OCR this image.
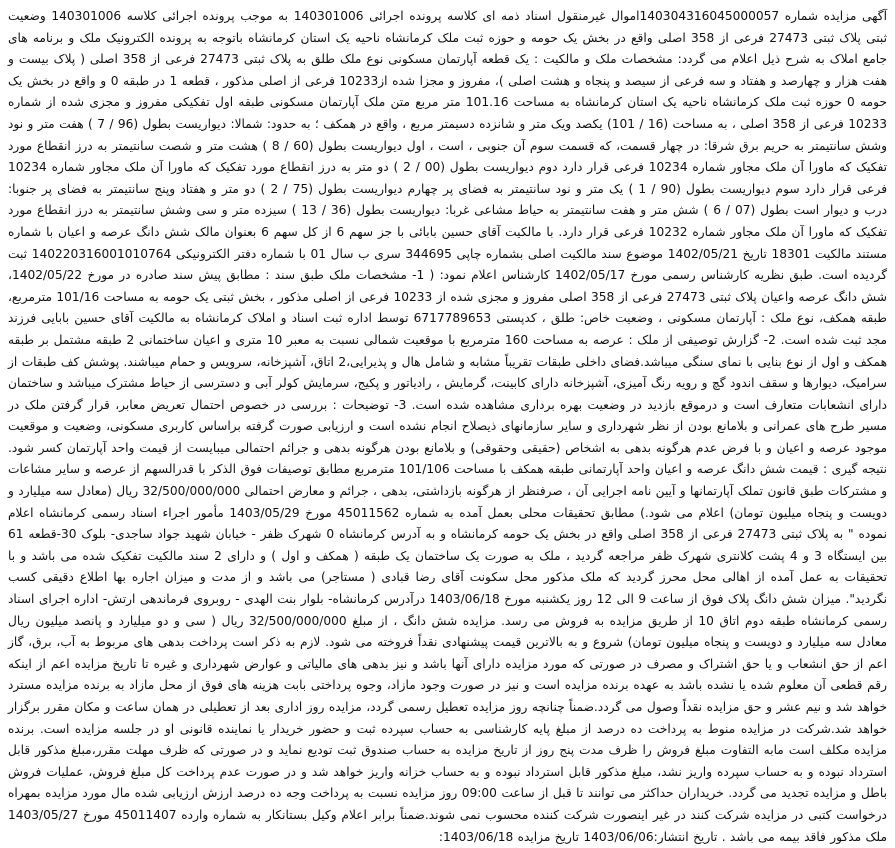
آگهی مزایده شماره 140304316045000057اموال غیرمنقول اسناد ذمه ای کلاسه پرونده اجرائی 140301006 به موجب پرونده اجرائی کلاسه 140301006 وضعیت ثبتی پلاک ثبتی 27473 فرعی از 358 اصلی واقع در بخش یک حومه و حوزه ثبت ملک کرمانشاه ناحیه یک استان کرمانشاه باتوجه به پرونده الکترونیک ملک و برنامه های جامع املاک به شرح ذیل اعلام می گردد: مشخصات ملک و مالکیت : یک قطعه آپارتمان مسکونی نوع ملک طلق به پلاک ثبتی 27473 فرعی از 358 اصلی ( پلاک بیست و هفت هزار و چهارصد و هفتاد و سه فرعی از سیصد و پنجاه و هشت اصلی )، مفروز و مجزا شده از10233 فرعی از اصلی مذکور ، قطعه 1 در طبقه 0 و واقع در بخش یک حومه 0 حوزه ثبت ملک کرمانشاه ناحیه یک استان کرمانشاه به مساحت 101.16 متر مربع متن ملک آپارتمان مسکونی طبقه اول تفکیکی مفروز و مجزی شده از شماره 10233 فرعی از 358 اصلی ، به مساحت (16 / 101) یکصد ویک متر و شانزده دسیمتر مربع ، واقع در همکف ؛ به حدود: شمالا: دیواریست بطول (96 / 7 ) هفت متر و نود وشش سانتیمتر به حریم برق شرقا: در چهار قسمت، که قسمت سوم آن جنوبی ، است ، اول دیواریست بطول (60 / 8 ) هشت متر و شصت سانتیمتر به درز انقطاع مورد تفکیک که ماورا آن ملک مجاور شماره 10234 فرعی قرار دارد دوم دیواریست بطول (00 / 2 ) دو متر به درز انقطاع مورد تفکیک که ماورا آن ملک مجاور شماره 10234 فرعی قرار دارد سوم دیواریست بطول (90 / 1 ) یک متر و نود سانتیمتر به فضای پر چهارم دیواریست بطول (75 / 2 ) دو متر و هفتاد وپنج سانتیمتر به فضای پر جنوبا: درب و دیوار است بطول (07 / 6 ) شش متر و هفت سانتیمتر به حیاط مشاعی غربا: دیواریست بطول (36 / 13 ) سیزده متر و سی وشش سانتیمتر به درز انقطاع مورد تفکیک که ماورا آن ملک مجاور شماره 10232 فرعی قرار دارد. با مالکیت آقای حسین بابائی با جز سهم 6 از کل سهم 6 بعنوان مالک شش دانگ عرصه و اعیان با شماره مستند مالکیت 18301 تاریخ 1402/05/21 موضوع سند مالکیت اصلی بشماره چاپی 344695 سری ب سال 01 با شماره دفتر الکترونیکی 140220316001010764 ثبت گردیده است. طبق نظریه کارشناس رسمی مورخ 1402/05/17 کارشناس اعلام نمود: ( 1- مشخصات ملک طبق سند : مطابق پیش سند صادره در مورخ 1402/05/22، شش دانگ عرصه واعیان پلاک ثبتی 27473 فرعی از 358 اصلی مفروز و مجزی شده از 10233 فرعی از اصلی مذکور ، بخش ثبتی یک حومه به مساحت 101/16 مترمربع، طبقه همکف، نوع ملک : آپارتمان مسکونی ، وضعیت خاص: طلق ، کدپستی 6717789653 توسط اداره ثبت اسناد و املاک کرمانشاه به مالکیت آقای حسین بابایی فرزند مجد ثبت شده است. 2- گزارش توصیفی از ملک : عرصه به مساحت 160 مترمربع با موقعیت شمالی نسبت به معبر 10 متری و اعیان ساختمانی 2 طبقه مشتمل بر طبقه همکف و اول از نوع بنایی با نمای سنگی میباشد.فضای داخلی طبقات تقریباً مشابه و شامل هال و پذیرایی،2 اتاق، آشپزخانه، سرویس و حمام میباشند. پوشش کف طبقات از سرامیک، دیوارها و سقف اندود گچ و رویه رنگ آمیزی، آشپزخانه دارای کابینت، گرمایش ، رادیاتور و پکیج، سرمایش کولر آبی و دسترسی از حیاط مشترک میباشد و ساختمان دارای انشعابات متعارف است و درموقع بازدید در وضعیت بهره برداری مشاهده شده است. 3- توضیحات : بررسی در خصوص احتمال تعریض معابر، قرار گرفتن ملک در مسیر طرح های عمرانی و بلامانع بودن از نظر شهرداری و سایر سازمانهای ذیصلاح انجام نشده است و ارزیابی صورت گرفته براساس کاربری مسکونی، وضعیت و موقعیت موجود عرصه و اعیان و با فرض عدم هرگونه بدهی به اشخاص (حقیقی وحقوقی) و بلامانع بودن هرگونه بدهی و جرائم احتمالی میبایست از قیمت واحد آپارتمان کسر شود. نتیجه گیری : قیمت شش دانگ عرصه و اعیان واحد آپارتمانی طبقه همکف با مساحت 101/106 مترمربع مطابق توصیفات فوق الذکر با قدرالسهم از عرصه و سایر مشاعات و مشترکات طبق قانون تملک آپارتمانها و آیین نامه اجرایی آن ، صرفنظر از هرگونه بازداشتی، بدهی ، جرائم و معارض احتمالی 32/500/000/000 ریال (معادل سه میلیارد و دویست و پنجاه میلیون تومان) اعلام می شود.) مطابق تحقیقات محلی بعمل آمده به شماره 45011562 مورخ 1403/05/29 مأمور اجراء اسناد رسمی کرمانشاه اعلام نموده " به پلاک ثبتی 27473 فرعی از 358 اصلی واقع در بخش یک حومه کرمانشاه و به آدرس کرمانشاه 0 شهرک ظفر - خیابان شهید جواد ساجدی- بلوک 30-قطعه 61 بین ایستگاه 3 و 4 پشت کلانتری شهرک ظفر مراجعه گردید ، ملک به صورت یک ساختمان یک طبقه ( همکف و اول ) و دارای 2 سند مالکیت تفکیک شده می باشد و با تحقیقات به عمل آمده از اهالی محل محرز گردید که ملک مذکور محل سکونت آقای رضا قبادی ( مستاجر) می باشد و از مدت و میزان اجاره بها اطلاع دقیقی کسب نگردید". میزان شش دانگ پلاک فوق از ساعت 9 الی 12 روز یکشنبه مورخ 1403/06/18 درآدرس کرمانشاه- بلوار بنت الهدی - روبروی فرماندهی ارتش- اداره اجرای اسناد رسمی کرمانشاه طبقه دوم اتاق 10 از طریق مزایده به فروش می رسد. مزایده شش دانگ ، از مبلغ 32/500/000/000 ریال ( سی و دو میلیارد و پانصد میلیون ریال معادل سه میلیارد و دویست و پنجاه میلیون تومان) شروع و به بالاترین قیمت پیشنهادی نقداً فروخته می شود. لازم به ذکر است پرداخت بدهی های مربوط به آب، برق، گاز اعم از حق انشعاب و یا حق اشتراک و مصرف در صورتی که مورد مزایده دارای آنها باشد و نیز بدهی های مالیاتی و عوارض شهرداری و غیره تا تاریخ مزایده اعم از اینکه رقم قطعی آن معلوم شده یا نشده باشد به عهده برنده مزایده است و نیز در صورت وجود مازاد، وجوه پرداختی بابت هزینه های فوق از محل مازاد به برنده مزایده مسترد خواهد شد و نیم عشر و حق مزایده نقداً وصول می گردد.ضمناً چنانچه روز مزایده تعطیل رسمی گردد، مزایده روز اداری بعد از تعطیلی در همان ساعت و مکان مقرر برگزار خواهد شد.شرکت در مزایده منوط به پرداخت ده درصد از مبلغ پایه کارشناسی به حساب سپرده ثبت و حضور خریدار یا نماینده قانونی او در جلسه مزایده است. برنده مزایده مکلف است مابه التفاوت مبلغ فروش را ظرف مدت پنج روز از تاریخ مزایده به حساب صندوق ثبت تودیع نماید و در صورتی که ظرف مهلت مقرر،مبلغ مذکور قابل استرداد نبوده و به حساب سپرده واریز نشد، مبلغ مذکور قابل استرداد نبوده و به حساب خزانه واریز خواهد شد و در صورت عدم پرداخت کل مبلغ فروش، عملیات فروش باطل و مزایده تجدید می گردد. خریداران حداکثر می توانند تا قبل از ساعت 09:00 روز مزایده نسبت به پرداخت وجه ده درصد ارزش ارزیابی شده مال مورد مزایده بمهراه درخواست کتبی در مزایده شرکت کنند در غیر اینصورت شرکت کننده محسوب نمی شوند.ضمناً برابر اعلام وکیل بستانکار به شماره وارده 45011407 مورخ 1403/05/27 ملک مذکور فاقد بیمه می باشد . تاریخ انتشار:1403/06/06 تاریخ مزایده 1403/06/18:
